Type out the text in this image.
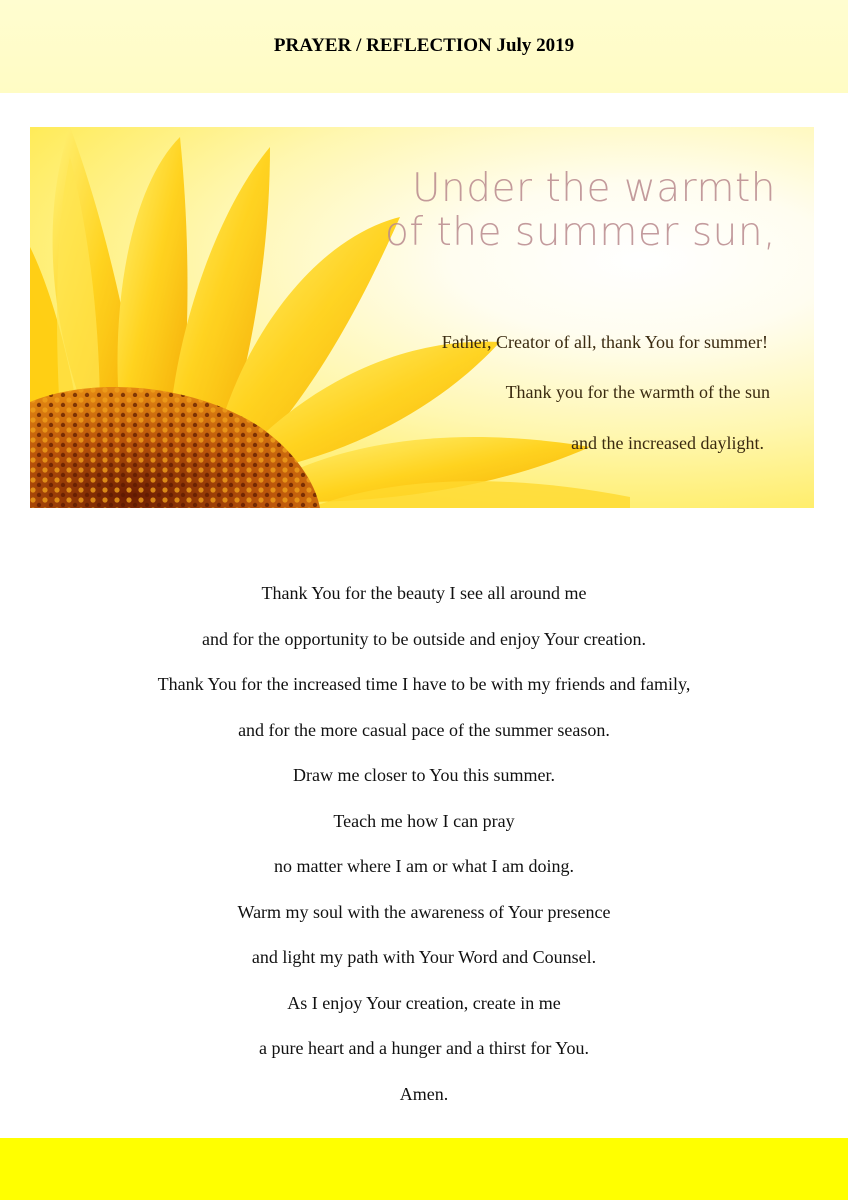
PRAYER / REFLECTION July 2019
Under the warmth
of the summer sun,
Father, Creator of all, thank You for summer!
Thank you for the warmth of the sun
and the increased daylight.
Thank You for the beauty I see all around me
and for the opportunity to be outside and enjoy Your creation.
Thank You for the increased time I have to be with my friends and family,
and for the more casual pace of the summer season.
Draw me closer to You this summer.
Teach me how I can pray
no matter where I am or what I am doing.
Warm my soul with the awareness of Your presence
and light my path with Your Word and Counsel.
As I enjoy Your creation, create in me
a pure heart and a hunger and a thirst for You.
Amen.
